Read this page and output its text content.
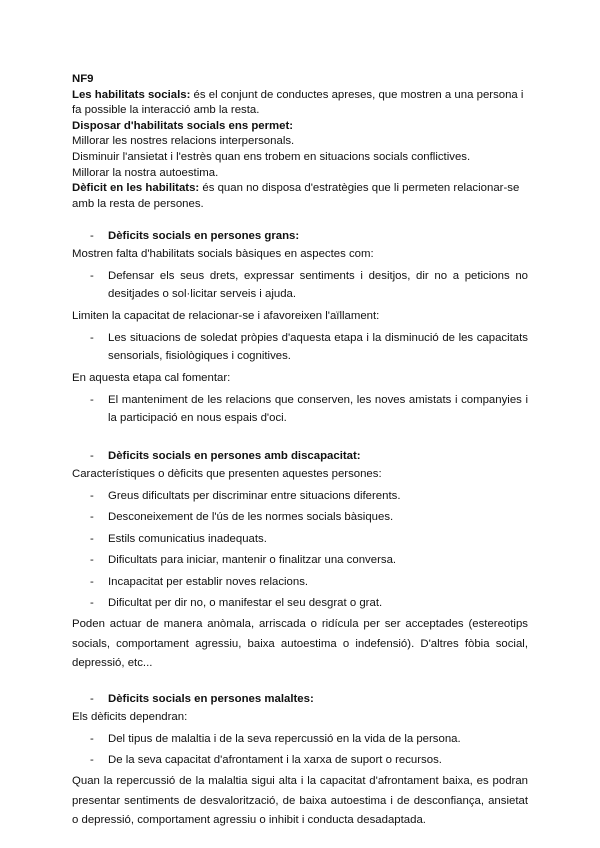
NF9

Les habilitats socials: és el conjunt de conductes apreses, que mostren a una persona i fa possible la interacció amb la resta.

Disposar d'habilitats socials ens permet:

Millorar les nostres relacions interpersonals.

Disminuir l'ansietat i l'estrès quan ens trobem en situacions socials conflictives.

Millorar la nostra autoestima.

Dèficit en les habilitats: és quan no disposa d'estratègies que li permeten relacionar-se amb la resta de persones.

-	Dèficits socials en persones grans:

Mostren falta d'habilitats socials bàsiques en aspectes com:

-	Defensar els seus drets, expressar sentiments i desitjos, dir no a peticions no desitjades o sol·licitar serveis i ajuda.

Limiten la capacitat de relacionar-se i afavoreixen l'aïllament:

-	Les situacions de soledat pròpies d'aquesta etapa i la disminució de les capacitats sensorials, fisiològiques i cognitives.

En aquesta etapa cal fomentar:

-	El manteniment de les relacions que conserven, les noves amistats i companyies i la participació en nous espais d'oci.
-	Dèficits socials en persones amb discapacitat:

Característiques o dèficits que presenten aquestes persones:

-	Greus dificultats per discriminar entre situacions diferents.
-	Desconeixement de l'ús de les normes socials bàsiques.
-	Estils comunicatius inadequats.
-	Dificultats para iniciar, mantenir o finalitzar una conversa.
-	Incapacitat per establir noves relacions.
-	Dificultat per dir no, o manifestar el seu desgrat o grat.

Poden actuar de manera anòmala, arriscada o ridícula per ser acceptades (estereotips socials, comportament agressiu, baixa autoestima o indefensió). D'altres fòbia social, depressió, etc...

-	Dèficits socials en persones malaltes:

Els dèficits dependran:

-	Del tipus de malaltia i de la seva repercussió en la vida de la persona.
-	De la seva capacitat d'afrontament i la xarxa de suport o recursos.

Quan la repercussió de la malaltia sigui alta i la capacitat d'afrontament baixa, es podran presentar sentiments de desvalorització, de baixa autoestima i de desconfiança, ansietat o depressió, comportament agressiu o inhibit i conducta desadaptada.
